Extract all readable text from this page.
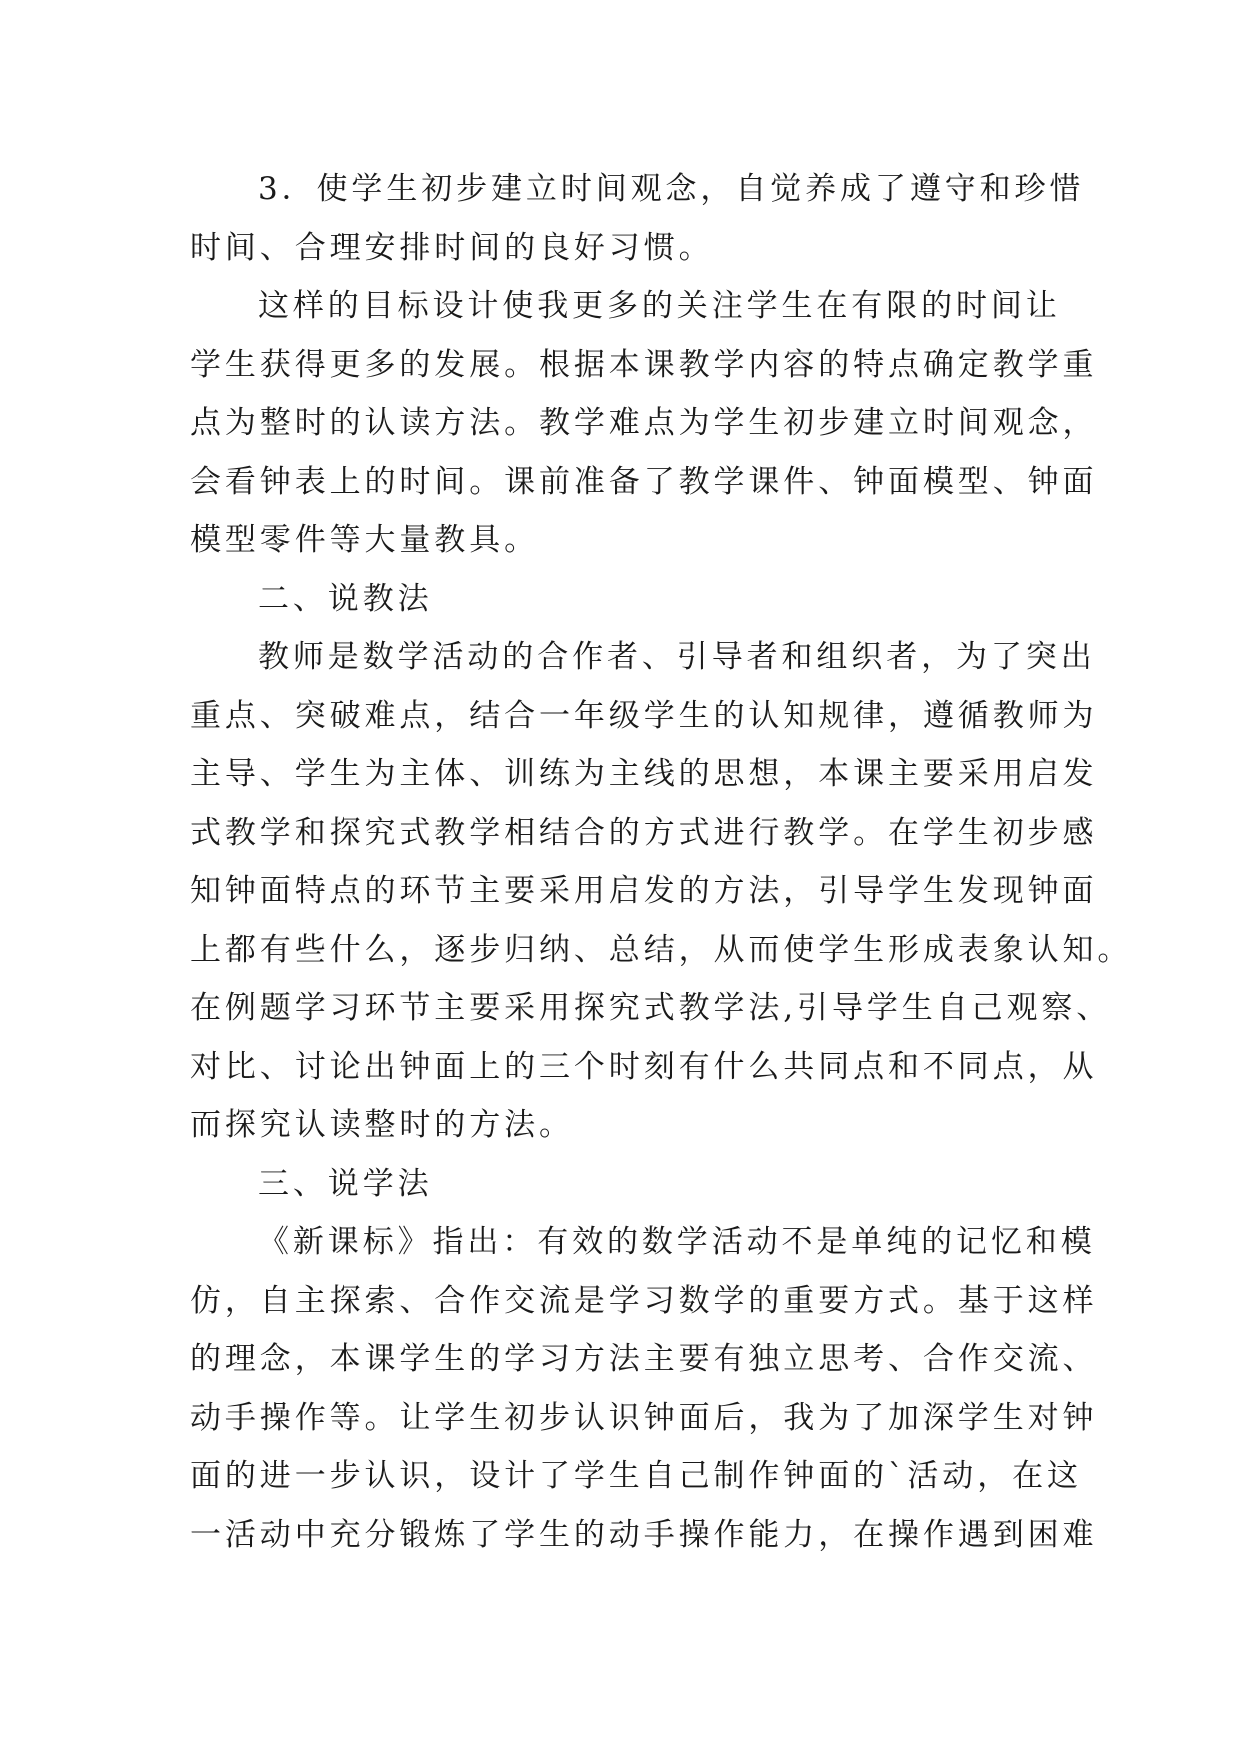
3．使学生初步建立时间观念，自觉养成了遵守和珍惜
时间、合理安排时间的良好习惯。
这样的目标设计使我更多的关注学生在有限的时间让
学生获得更多的发展。根据本课教学内容的特点确定教学重
点为整时的认读方法。教学难点为学生初步建立时间观念，
会看钟表上的时间。课前准备了教学课件、钟面模型、钟面
模型零件等大量教具。
二、说教法
教师是数学活动的合作者、引导者和组织者，为了突出
重点、突破难点，结合一年级学生的认知规律，遵循教师为
主导、学生为主体、训练为主线的思想，本课主要采用启发
式教学和探究式教学相结合的方式进行教学。在学生初步感
知钟面特点的环节主要采用启发的方法，引导学生发现钟面
上都有些什么，逐步归纳、总结，从而使学生形成表象认知。
在例题学习环节主要采用探究式教学法,引导学生自己观察、
对比、讨论出钟面上的三个时刻有什么共同点和不同点，从
而探究认读整时的方法。
三、说学法
《新课标》指出：有效的数学活动不是单纯的记忆和模
仿，自主探索、合作交流是学习数学的重要方式。基于这样
的理念，本课学生的学习方法主要有独立思考、合作交流、
动手操作等。让学生初步认识钟面后，我为了加深学生对钟
面的进一步认识，设计了学生自己制作钟面的`活动，在这
一活动中充分锻炼了学生的动手操作能力，在操作遇到困难
